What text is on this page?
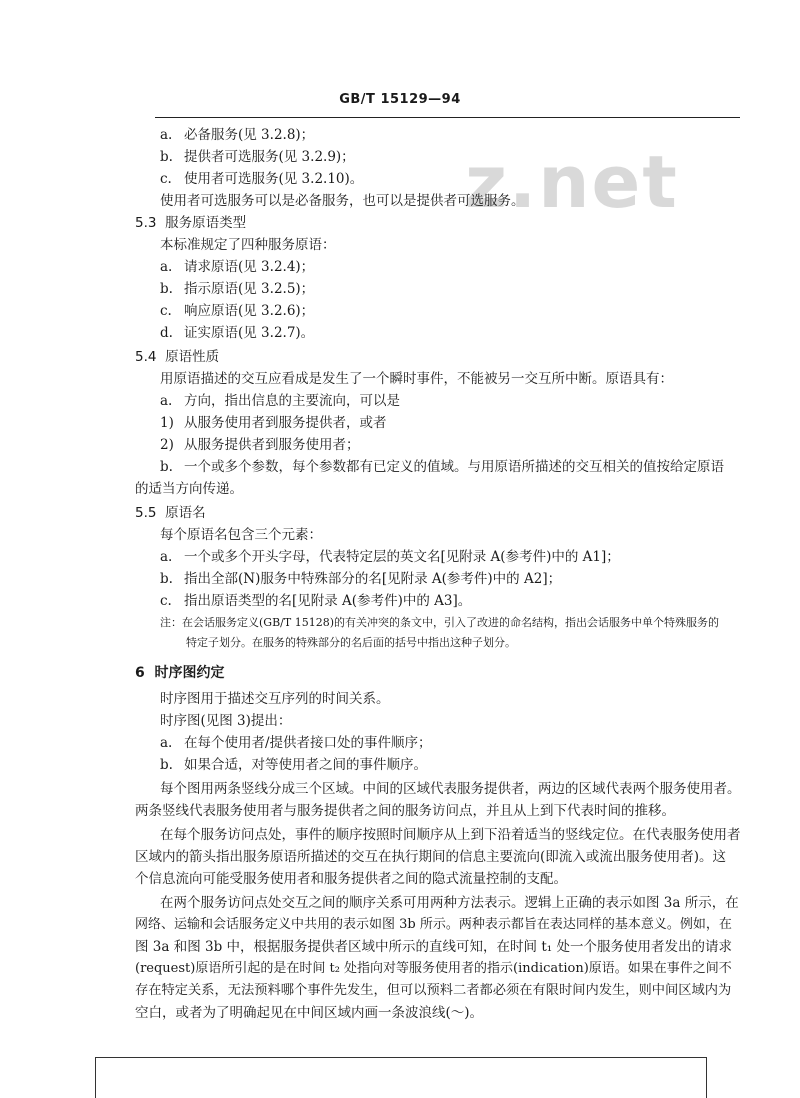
GB/T 15129—94
z.net
a. 必备服务(见 3.2.8)；
b. 提供者可选服务(见 3.2.9)；
c. 使用者可选服务(见 3.2.10)。
使用者可选服务可以是必备服务，也可以是提供者可选服务。
5.3 服务原语类型
本标准规定了四种服务原语：
a. 请求原语(见 3.2.4)；
b. 指示原语(见 3.2.5)；
c. 响应原语(见 3.2.6)；
d. 证实原语(见 3.2.7)。
5.4 原语性质
用原语描述的交互应看成是发生了一个瞬时事件，不能被另一交互所中断。原语具有：
a. 方向，指出信息的主要流向，可以是
1) 从服务使用者到服务提供者，或者
2) 从服务提供者到服务使用者；
b. 一个或多个参数，每个参数都有已定义的值域。与用原语所描述的交互相关的值按给定原语
的适当方向传递。
5.5 原语名
每个原语名包含三个元素：
a. 一个或多个开头字母，代表特定层的英文名[见附录 A(参考件)中的 A1]；
b. 指出全部(N)服务中特殊部分的名[见附录 A(参考件)中的 A2]；
c. 指出原语类型的名[见附录 A(参考件)中的 A3]。
注：在会话服务定义(GB/T 15128)的有关冲突的条文中，引入了改进的命名结构，指出会话服务中单个特殊服务的
特定子划分。在服务的特殊部分的名后面的括号中指出这种子划分。
6 时序图约定
时序图用于描述交互序列的时间关系。
时序图(见图 3)提出：
a. 在每个使用者/提供者接口处的事件顺序；
b. 如果合适，对等使用者之间的事件顺序。
每个图用两条竖线分成三个区域。中间的区域代表服务提供者，两边的区域代表两个服务使用者。
两条竖线代表服务使用者与服务提供者之间的服务访问点，并且从上到下代表时间的推移。
在每个服务访问点处，事件的顺序按照时间顺序从上到下沿着适当的竖线定位。在代表服务使用者
区域内的箭头指出服务原语所描述的交互在执行期间的信息主要流向(即流入或流出服务使用者)。这
个信息流向可能受服务使用者和服务提供者之间的隐式流量控制的支配。
在两个服务访问点处交互之间的顺序关系可用两种方法表示。逻辑上正确的表示如图 3a 所示，在
网络、运输和会话服务定义中共用的表示如图 3b 所示。两种表示都旨在表达同样的基本意义。例如，在
图 3a 和图 3b 中，根据服务提供者区域中所示的直线可知，在时间 t₁ 处一个服务使用者发出的请求
(request)原语所引起的是在时间 t₂ 处指向对等服务使用者的指示(indication)原语。如果在事件之间不
存在特定关系，无法预料哪个事件先发生，但可以预料二者都必须在有限时间内发生，则中间区域内为
空白，或者为了明确起见在中间区域内画一条波浪线(～)。
